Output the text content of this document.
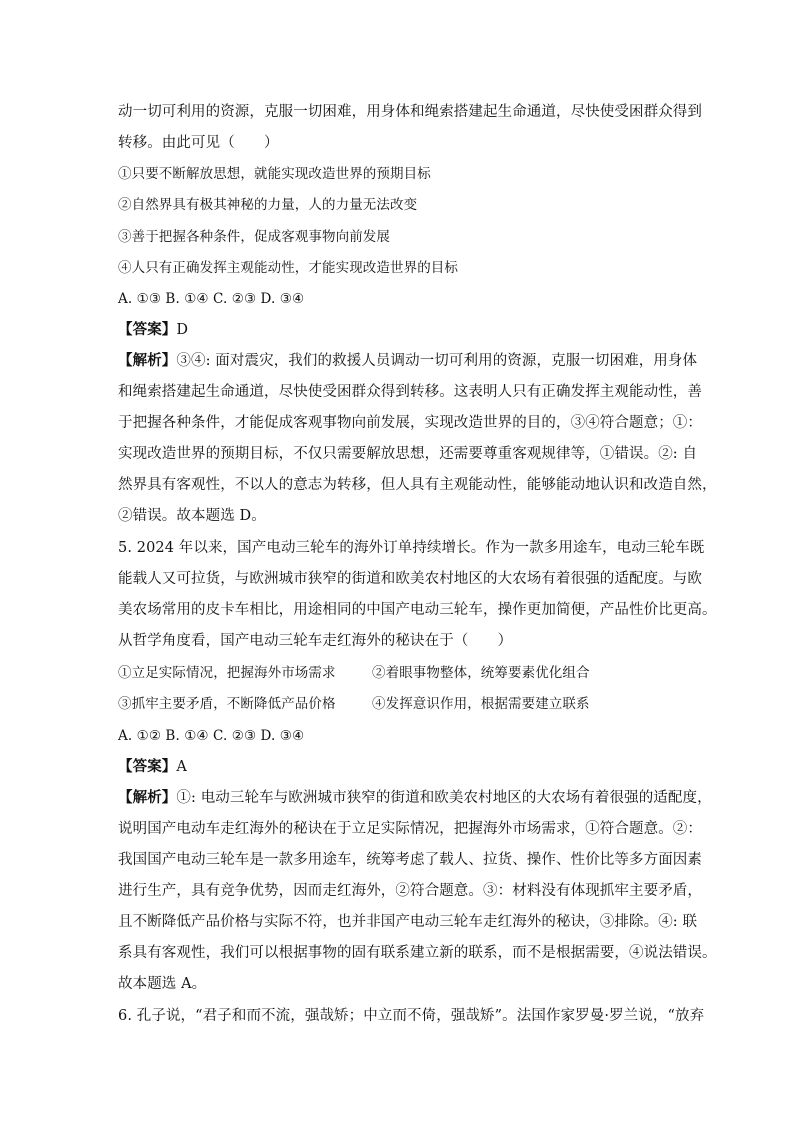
动一切可利用的资源，克服一切困难，用身体和绳索搭建起生命通道，尽快使受困群众得到
转移。由此可见（　　）
①只要不断解放思想，就能实现改造世界的预期目标
②自然界具有极其神秘的力量，人的力量无法改变
③善于把握各种条件，促成客观事物向前发展
④人只有正确发挥主观能动性，才能实现改造世界的目标
A. ①③ B. ①④ C. ②③ D. ③④
【答案】D
【解析】③④: 面对震灾，我们的救援人员调动一切可利用的资源，克服一切困难，用身体
和绳索搭建起生命通道，尽快使受困群众得到转移。这表明人只有正确发挥主观能动性，善
于把握各种条件，才能促成客观事物向前发展，实现改造世界的目的，③④符合题意；①：
实现改造世界的预期目标，不仅只需要解放思想，还需要尊重客观规律等，①错误。②: 自
然界具有客观性，不以人的意志为转移，但人具有主观能动性，能够能动地认识和改造自然，
②错误。故本题选 D。
5. 2024 年以来，国产电动三轮车的海外订单持续增长。作为一款多用途车，电动三轮车既
能载人又可拉货，与欧洲城市狭窄的街道和欧美农村地区的大农场有着很强的适配度。与欧
美农场常用的皮卡车相比，用途相同的中国产电动三轮车，操作更加简便，产品性价比更高。
从哲学角度看，国产电动三轮车走红海外的秘诀在于（　　）
①立足实际情况，把握海外市场需求	②着眼事物整体，统筹要素优化组合
③抓牢主要矛盾，不断降低产品价格	④发挥意识作用，根据需要建立联系
A. ①② B. ①④ C. ②③ D. ③④
【答案】A
【解析】①: 电动三轮车与欧洲城市狭窄的街道和欧美农村地区的大农场有着很强的适配度，
说明国产电动车走红海外的秘诀在于立足实际情况，把握海外市场需求，①符合题意。②：
我国国产电动三轮车是一款多用途车，统筹考虑了载人、拉货、操作、性价比等多方面因素
进行生产，具有竞争优势，因而走红海外，②符合题意。③：材料没有体现抓牢主要矛盾，
且不断降低产品价格与实际不符，也并非国产电动三轮车走红海外的秘诀，③排除。④: 联
系具有客观性，我们可以根据事物的固有联系建立新的联系，而不是根据需要，④说法错误。
故本题选 A。
6. 孔子说，“君子和而不流，强哉矫；中立而不倚，强哉矫”。法国作家罗曼·罗兰说，“放弃
